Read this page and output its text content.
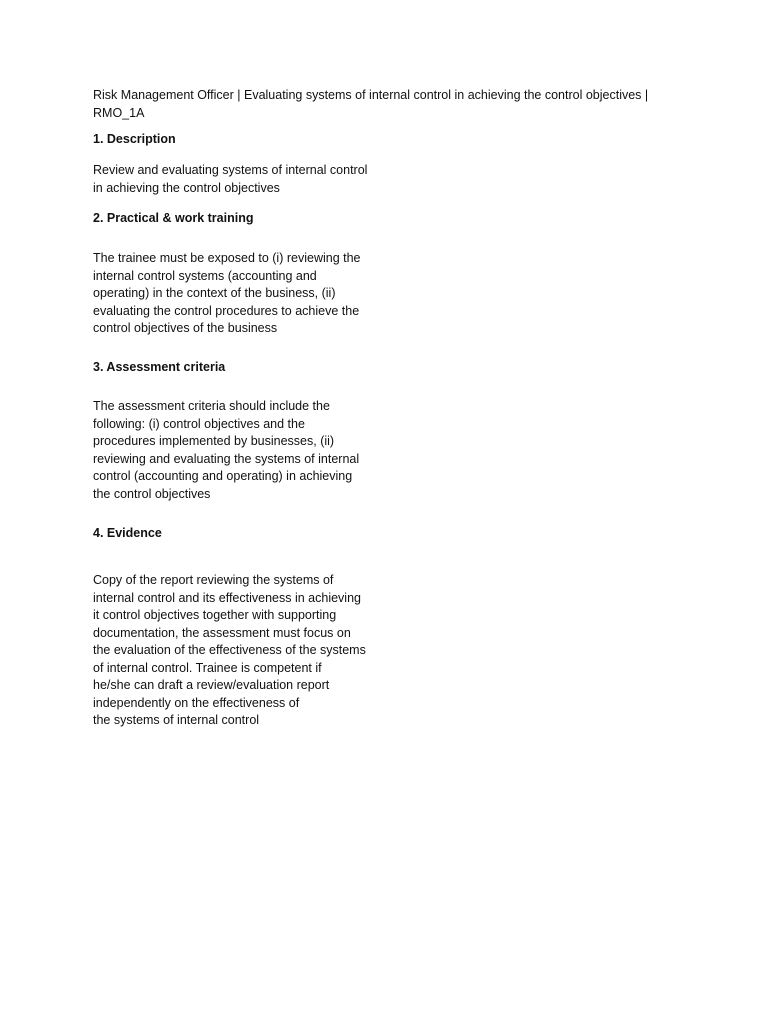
Risk Management Officer | Evaluating systems of internal control in achieving the control objectives | RMO_1A
1. Description
Review and evaluating systems of internal control
in achieving the control objectives
2. Practical & work training
The trainee must be exposed to (i) reviewing the
internal control systems (accounting and
operating) in the context of the business, (ii)
evaluating the control procedures to achieve the
control objectives of the business
3. Assessment criteria
The assessment criteria should include the
following: (i) control objectives and the
procedures implemented by businesses, (ii)
reviewing and evaluating the systems of internal
control (accounting and operating) in achieving
the control objectives
4. Evidence
Copy of the report reviewing the systems of
internal control and its effectiveness in achieving
it control objectives together with supporting
documentation, the assessment must focus on
the evaluation of the effectiveness of the systems
of internal control. Trainee is competent if
he/she can draft a review/evaluation report
independently on the effectiveness of
the systems of internal control
